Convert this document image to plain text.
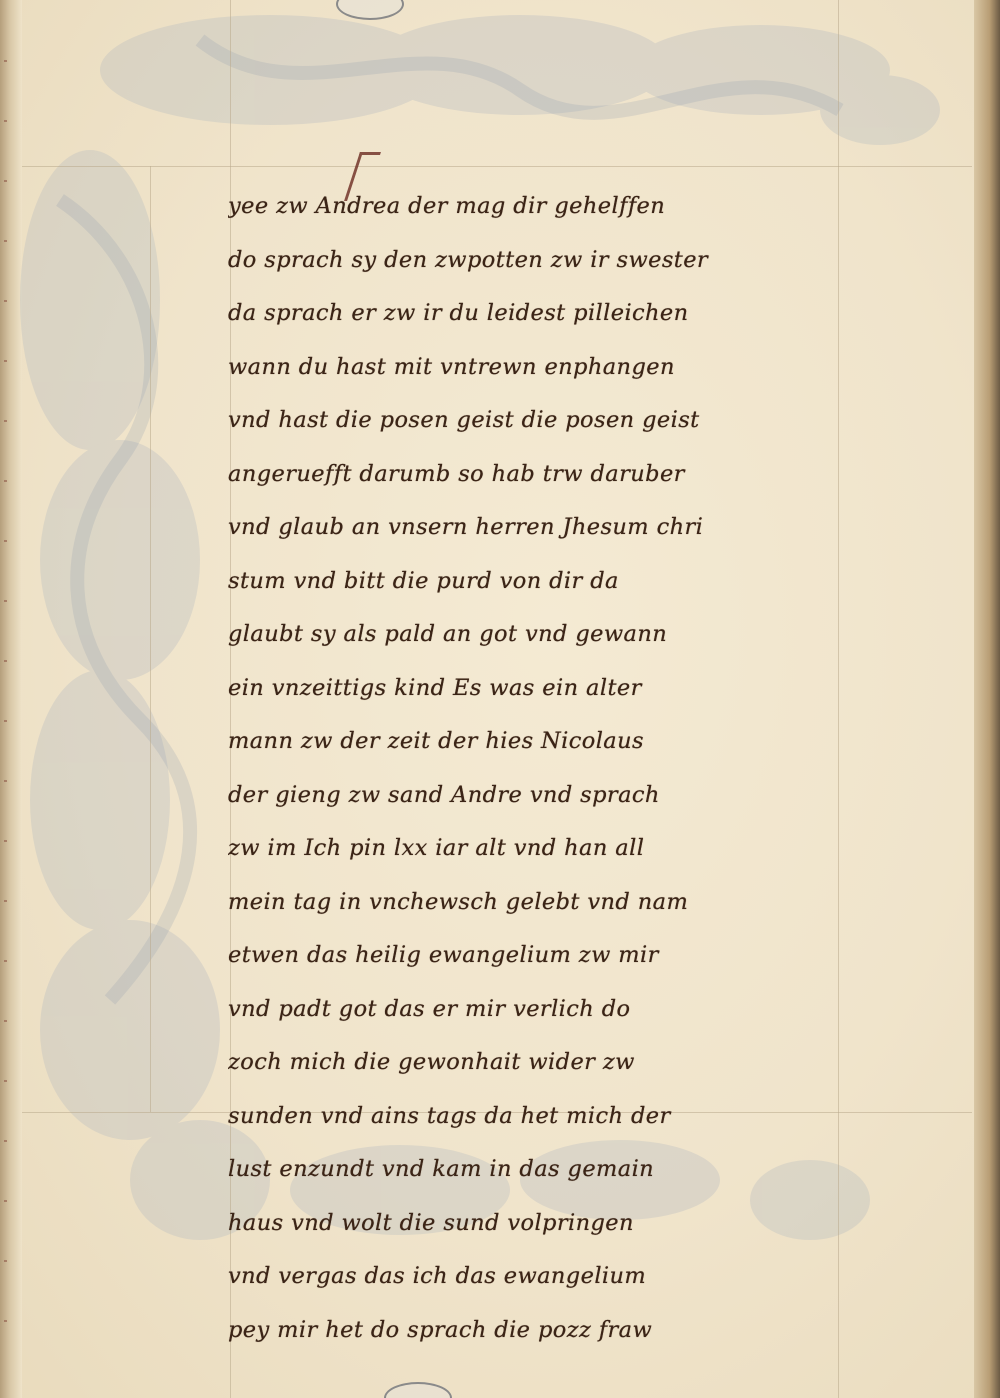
yee zw Andrea der mag dir gehelffen
do sprach sy den zwpotten zw ir swester
da sprach er zw ir du leidest pilleichen
wann du hast mit vntrewn enphangen
vnd hast die posen geist die posen geist
angeruefft darumb so hab trw daruber
vnd glaub an vnsern herren Jhesum chri
stum vnd bitt die purd von dir da
glaubt sy als pald an got vnd gewann
ein vnzeittigs kind Es was ein alter
mann zw der zeit der hies Nicolaus
der gieng zw sand Andre vnd sprach
zw im Ich pin lxx iar alt vnd han all
mein tag in vnchewsch gelebt vnd nam
etwen das heilig ewangelium zw mir
vnd padt got das er mir verlich do
zoch mich die gewonhait wider zw
sunden vnd ains tags da het mich der
lust enzundt vnd kam in das gemain
haus vnd wolt die sund volpringen
vnd vergas das ich das ewangelium
pey mir het do sprach die pozz fraw
